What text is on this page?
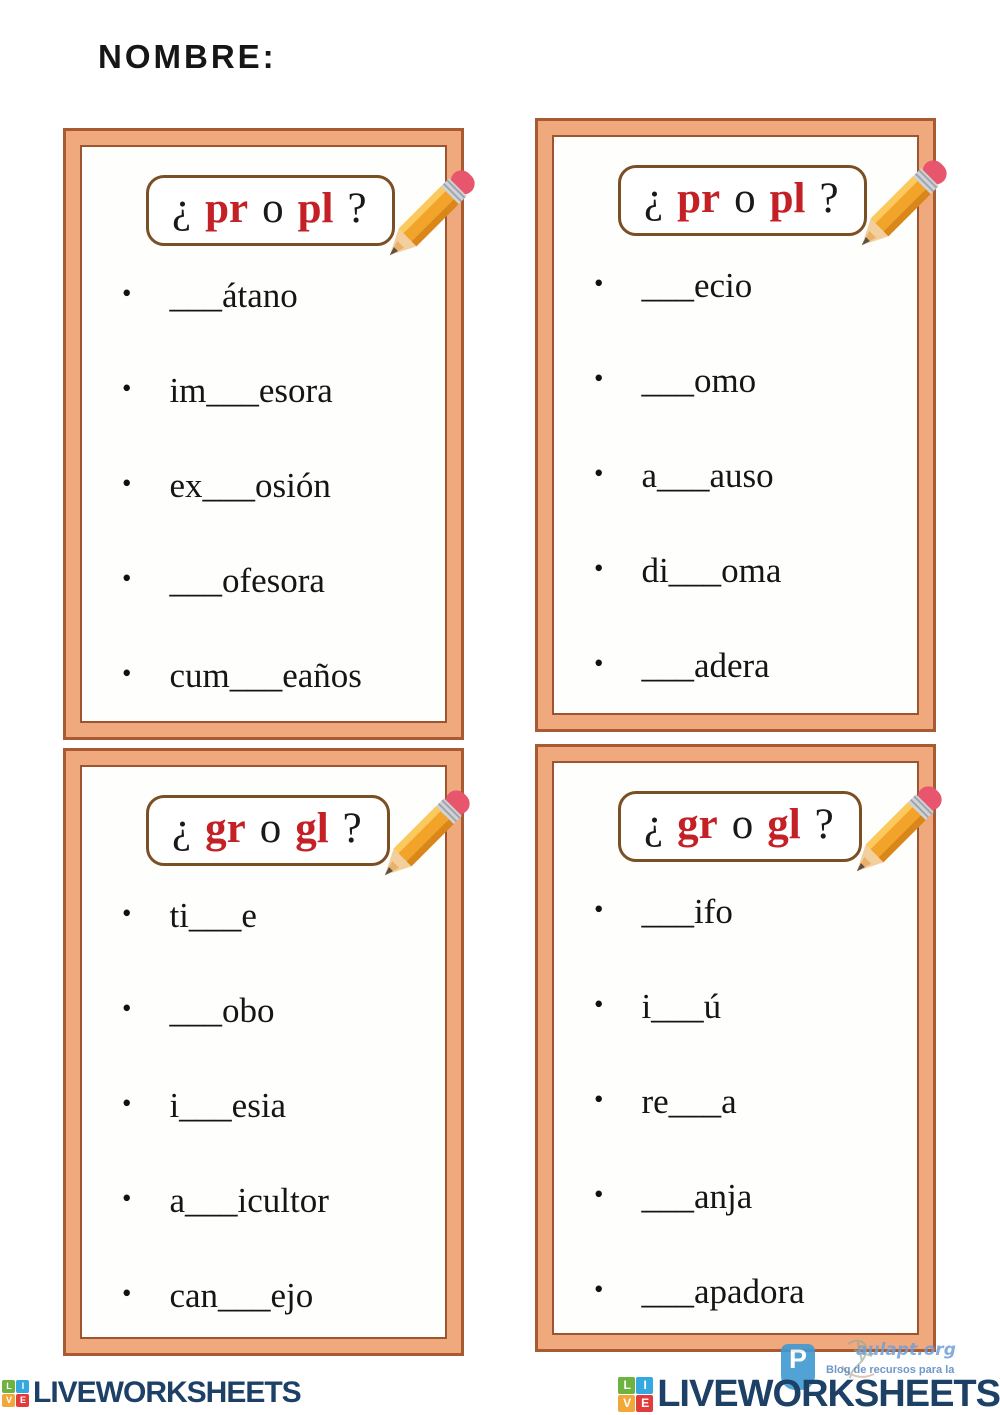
NOMBRE:
¿ pr o pl ?
• ___átano
• im___esora
• ex___osión
• ___ofesora
• cum___eaños
¿ pr o pl ?
• ___ecio
• ___omo
• a___auso
• di___oma
• ___adera
¿ gr o gl ?
• ti___e
• ___obo
• i___esia
• a___icultor
• can___ejo
¿ gr o gl ?
• ___ifo
• i___ú
• re___a
• ___anja
• ___apadora
P	aulapt.org
Blog de recursos para la
L	I
V E LIVEWORKSHEETS	L	I
V E LIVEWORKSHEETS
